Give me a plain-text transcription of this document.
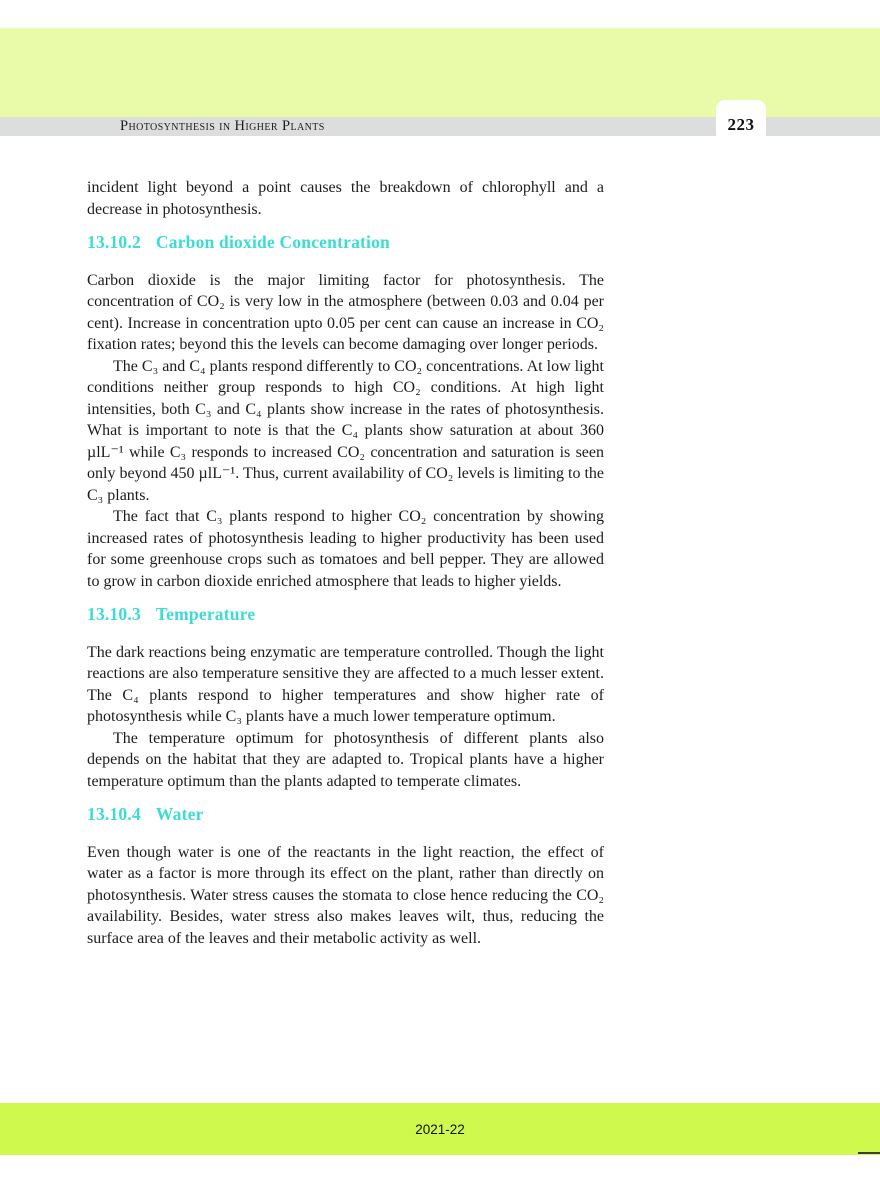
Photosynthesis in Higher Plants	223

incident light beyond a point causes the breakdown of chlorophyll and a decrease in photosynthesis.

13.10.2 Carbon dioxide Concentration

Carbon dioxide is the major limiting factor for photosynthesis. The concentration of CO₂ is very low in the atmosphere (between 0.03 and 0.04 per cent). Increase in concentration upto 0.05 per cent can cause an increase in CO₂ fixation rates; beyond this the levels can become damaging over longer periods.

The C₃ and C₄ plants respond differently to CO₂ concentrations. At low light conditions neither group responds to high CO₂ conditions. At high light intensities, both C₃ and C₄ plants show increase in the rates of photosynthesis. What is important to note is that the C₄ plants show saturation at about 360 µlL⁻¹ while C₃ responds to increased CO₂ concentration and saturation is seen only beyond 450 µlL⁻¹. Thus, current availability of CO₂ levels is limiting to the C₃ plants.

The fact that C₃ plants respond to higher CO₂ concentration by showing increased rates of photosynthesis leading to higher productivity has been used for some greenhouse crops such as tomatoes and bell pepper. They are allowed to grow in carbon dioxide enriched atmosphere that leads to higher yields.

13.10.3 Temperature

The dark reactions being enzymatic are temperature controlled. Though the light reactions are also temperature sensitive they are affected to a much lesser extent. The C₄ plants respond to higher temperatures and show higher rate of photosynthesis while C₃ plants have a much lower temperature optimum.

The temperature optimum for photosynthesis of different plants also depends on the habitat that they are adapted to. Tropical plants have a higher temperature optimum than the plants adapted to temperate climates.

13.10.4 Water

Even though water is one of the reactants in the light reaction, the effect of water as a factor is more through its effect on the plant, rather than directly on photosynthesis. Water stress causes the stomata to close hence reducing the CO₂ availability. Besides, water stress also makes leaves wilt, thus, reducing the surface area of the leaves and their metabolic activity as well.

2021-22
